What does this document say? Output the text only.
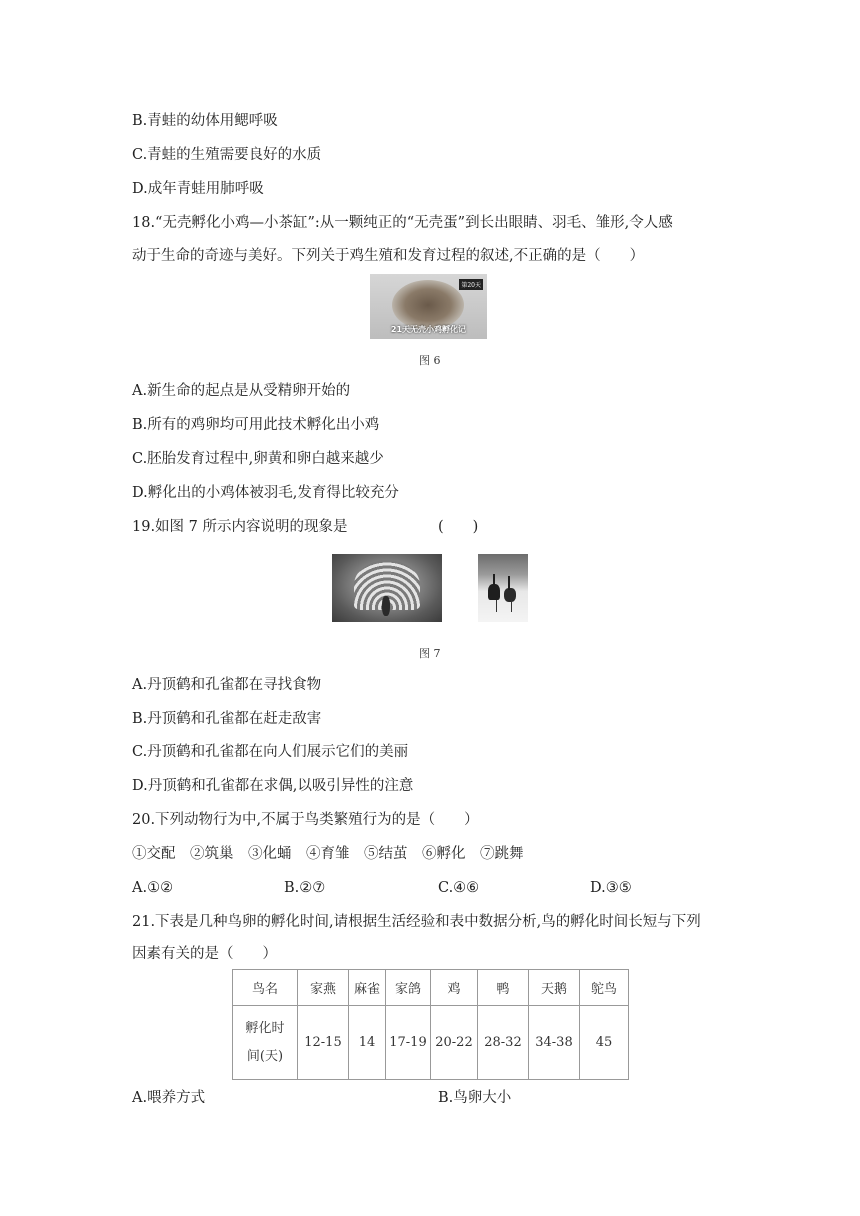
B.青蛙的幼体用鳃呼吸
C.青蛙的生殖需要良好的水质
D.成年青蛙用肺呼吸
18.“无壳孵化小鸡—小茶缸”:从一颗纯正的“无壳蛋”到长出眼睛、羽毛、雏形,令人感
动于生命的奇迹与美好。下列关于鸡生殖和发育过程的叙述,不正确的是（　　）
第20天
21天无壳小鸡孵化记
图 6
A.新生命的起点是从受精卵开始的
B.所有的鸡卵均可用此技术孵化出小鸡
C.胚胎发育过程中,卵黄和卵白越来越少
D.孵化出的小鸡体被羽毛,发育得比较充分
19.如图 7 所示内容说明的现象是	(　　)
图 7
A.丹顶鹤和孔雀都在寻找食物
B.丹顶鹤和孔雀都在赶走敌害
C.丹顶鹤和孔雀都在向人们展示它们的美丽
D.丹顶鹤和孔雀都在求偶,以吸引异性的注意
20.下列动物行为中,不属于鸟类繁殖行为的是（　　）
①交配　②筑巢　③化蛹　④育雏　⑤结茧　⑥孵化　⑦跳舞
A.①②	B.②⑦	C.④⑥	D.③⑤
21.下表是几种鸟卵的孵化时间,请根据生活经验和表中数据分析,鸟的孵化时间长短与下列
因素有关的是（　　）
鸟名	家燕	麻雀	家鸽	鸡	鸭	天鹅	鸵鸟

孵化时
间(天)	12-15	14	17-19	20-22	28-32	34-38	45
A.喂养方式	B.鸟卵大小
